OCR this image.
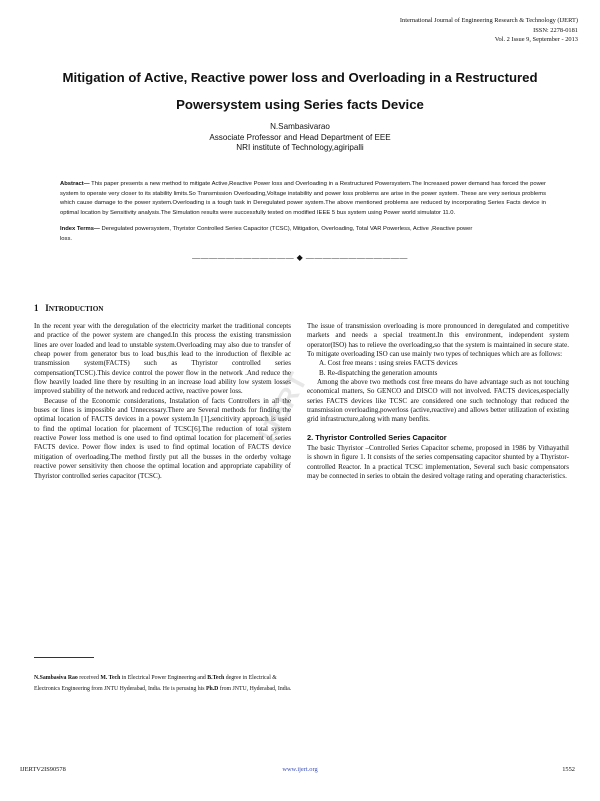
International Journal of Engineering Research & Technology (IJERT)
ISSN: 2278-0181
Vol. 2 Issue 9, September - 2013
Mitigation of Active, Reactive power loss and Overloading in a Restructured
Powersystem using Series facts Device
N.Sambasivarao
Associate Professor and Head Department of EEE
NRI institute of Technology,agiripalli
Abstract— This paper presents a new method to mitigate Active,Reactive Power loss and Overloading in a Restructured Powersystem.The Increased power demand has forced the power system to operate very closer to its stability limits.So Transmission Overloading,Voltage instability and power loss problems are arise in the power system. These are very serious problems which cause damage to the power system.Overloading is a tough task in Deregulated power system.The above mentioned problems are reduced by incorporating Series Facts device in optimal location by Sensitivity analysis.The Simulation results were successfully tested on modified IEEE 5 bus system using Power world simulator 11.0.
Index Terms— Deregulated powersystem, Thyristor Controlled Series Capacitor (TCSC), Mitigation, Overloading, Total VAR Powerless, Active ,Reactive power loss.
———————————— ◆ ————————————
1 INTRODUCTION

In the recent year with the deregulation of the electricity market the traditional concepts and practice of the power system are changed.In this process the existing transmission lines are over loaded and lead to unstable system.Overloading may also due to transfer of cheap power from generator bus to load bus,this lead to the inroduction of flexible ac transmission system(FACTS) such as Thyristor controlled series compensation(TCSC).This device control the power flow in the network .And reduce the flow heavily loaded line there by resulting in an increase load ability low system losses improved stability of the network and reduced active, reactive power loss.

Because of the Economic considerations, Instalation of facts Controllers in all the buses or lines is impossible and Unnecessary.There are Several methods for finding the optimal location of FACTS devices in a power system.In [1],sencitivity approach is used to find the optimal location for placement of TCSC[6].The reduction of total system reactive Power loss method is one used to find optimal location for placement of series FACTS device. Power flow index is used to find optimal location of FACTS device mitigation of overloading.The method firstly put all the busses in the orderby voltage reactive power sensitivity then choose the optimal location and appropriate capability of Thyristor controlled series capacitor (TCSC).

The issue of transmission overloading is more pronounced in deregulated and competitive markets and needs a special treatment.In this environment, independent system operator(ISO) has to relieve the overloading,so that the system is maintained in secure state. To mitigate overloading ISO can use mainly two types of techniques which are as follows:

A. Cost free means : using sreies FACTS devices
B. Re-dispatching the generation amounts

Among the above two methods cost free means do have advantage such as not touching economical matters, So GENCO and DISCO will not involved. FACTS devices,especially series FACTS devices like TCSC are considered one such technology that reduced the transmission overloading,powerloss (active,reactive) and allows better utilization of existing grid infrastructure,along with many benfits.

2. Thyristor Controlled Series Capacitor

The basic Thyristor –Controlled Series Capacitor scheme, proposed in 1986 by Vithayathil is shown in figure 1. It consists of the series compensating capacitor shunted by a Thyristor-controlled Reactor. In a practical TCSC implementation, Several such basic compensators may be connected in series to obtain the desired voltage rating and operating characteristics.

IJERT
N.Sambasiva Rao received M. Tech in Electrical Power Engineering and B.Tech degree in Electrical & Electronics Engineering from JNTU Hyderabad, India. He is perusing his Ph.D from JNTU, Hyderabad, India.
IJERTV2IS90578	www.ijert.org	1552
